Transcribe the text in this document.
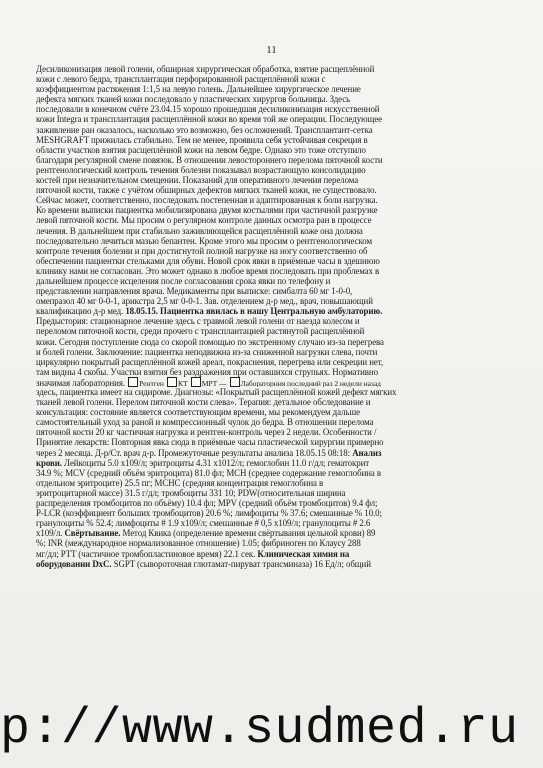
11
Десиликонизация левой голени, обширная хирургическая обработка, взятие расщеплённой
кожи с левого бедра, трансплантация перфорированной расщеплённой кожи с
коэффициентом растяжения 1:1,5 на левую голень. Дальнейшее хирургическое лечение
дефекта мягких тканей кожи последовало у пластических хирургов больницы. Здесь
последовали в конечном счёте 23.04.15 хорошо прошедшая десиликонизация искусственной
кожи Integra и трансплантация расщеплённой кожи во время той же операции. Последующее
заживление ран оказалось, насколько это возможно, без осложнений. Трансплантант-сетка
MESHGRAFT прижилась стабильно. Тем не менее, проявила себя устойчивая секреция в
области участков взятия расщеплённой кожи на левом бедре. Однако это тоже отступило
благодаря регулярной смене повязок. В отношении левостороннего перелома пяточной кости
рентгенологический контроль течения болезни показывал возрастающую консолидацию
костей при незначительном смещении. Показаний для оперативного лечения перелома
пяточной кости, также с учётом обширных дефектов мягких тканей кожи, не существовало.
Сейчас может, соответственно, последовать постепенная и адаптированная к боли нагрузка.
Ко времени выписки пациентка мобилизирована двумя костылями при частичной разгрузке
левой пяточной кости. Мы просим о регулярном контроле данных осмотра ран в процессе
лечения. В дальнейшем при стабильно заживляющейся расщеплённой коже она должна
последовательно лечиться мазью бепантен. Кроме этого мы просим о рентгенологическом
контроле течения болезни и при достигнутой полной нагрузке на ногу соответственно об
обеспечении пациентки стельками для обуви. Новой срок явки в приёмные часы в здешнюю
клинику нами не согласован. Это может однако в любое время последовать при проблемах в
дальнейшем процессе исцеления после согласования срока явки по телефону и
представлении направления врача. Медикаменты при выписке: симбалта 60 мг 1-0-0,
омепразол 40 мг 0-0-1, арикстра 2,5 мг 0-0-1. Зав. отделением д-р мед., врач, повышающий
квалификацию д-р мед. 18.05.15. Пациентка явилась в нашу Центральную амбулаторию.
Предыстория: стационарное лечение здесь с травмой левой голени от наезда колесом и
переломом пяточной кости, среди прочего с трансплантацией растянутой расщеплённой
кожи. Сегодня поступление сюда со скорой помощью по экстренному случаю из-за перегрева
и болей голени. Заключение: пациентка неподвижна из-за сниженной нагрузки слева, почти
циркулярно покрытый расщеплённой кожей ареал, покраснения, перегрева или секреции нет,
там видны 4 скобы. Участки взятия без раздражения при оставшихся струпьях. Нормативно
значимая лабораторния. Рентген КТ МРТ --- Лабораторния последний раз 2 недели назад
здесь, пациентка имеет на сидироме. Диагнозы: «Покрытый расщеплённой кожей дефект мягких
тканей левой голени. Перелом пяточной кости слева». Терапия: детальное обследование и
консультация: состояние является соответствующим времени, мы рекомендуем дальше
самостоятельный уход за раной и компрессионный чулок до бедра. В отношении перелома
пяточной кости 20 кг частичная нагрузка и рентген-контроль через 2 недели. Особенности /
Принятие лекарств: Повторная явка сюда в приёмные часы пластической хирургии примерно
через 2 месяца. Д-р/Ст. врач д-р. Промежуточные результаты анализа 18.05.15 08:18: Анализ
крови. Лейкоциты 5.0 x109/л; эритроциты 4.31 x1012/л; гемоглобин 11.0 г/дл; гематокрит
34.9 %; MCV (средний объём эритроцита) 81.0 фл; MCH (среднее содержание гемоглобина в
отдельном эритроците) 25.5 пг; MCHC (средняя концентрация гемоглобина в
эритроцитарной массе) 31.5 г/дл; тромбоциты 331 10; PDW(относительная ширина
распределения тромбоцитов по объёму) 10.4 фл; MPV (средний объём тромбоцитов) 9.4 фл;
P-LCR (коэффициент больших тромбоцитов) 20.6 %; лимфоциты % 37.6; смешанные % 10.0;
гранулоциты % 52.4; лимфоциты # 1.9 x109/л; смешанные # 0,5 x109/л; гранулоциты # 2.6
x109/л. Свёртывание. Метод Квика (определение времени свёртывания цельной крови) 89
%; INR (международное нормализованное отношение) 1.05; фибриноген по Клаусу 288
мг/дл; PTT (частичное тромбопластиновое время) 22.1 сек. Клиническая химия на
оборудовании DxC. SGPT (сывороточная глютамат-пируват трансминаза) 16 Ед/л; общий
p://www.sudmed.ru
